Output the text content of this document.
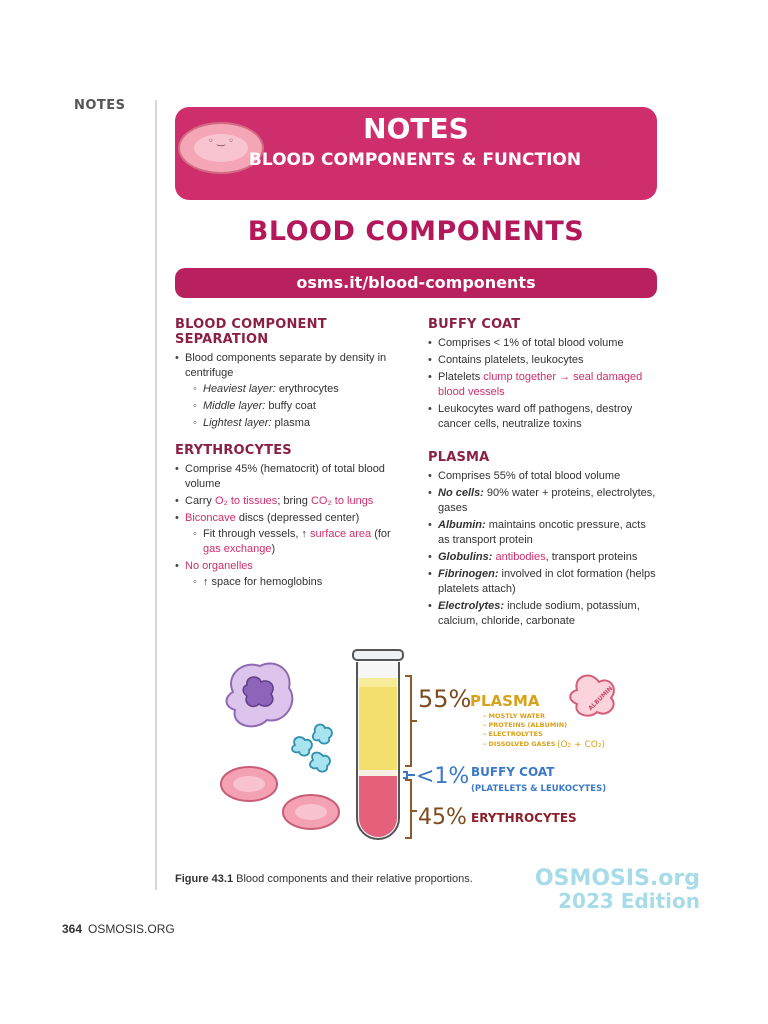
NOTES
◦ ‿ ◦	NOTES
BLOOD COMPONENTS & FUNCTION
BLOOD COMPONENTS
osms.it/blood-components
BLOOD COMPONENT SEPARATION
• Blood components separate by density in centrifuge
◦ Heaviest layer: erythrocytes
◦ Middle layer: buffy coat
◦ Lightest layer: plasma
ERYTHROCYTES
• Comprise 45% (hematocrit) of total blood volume
• Carry O₂ to tissues; bring CO₂ to lungs
• Biconcave discs (depressed center)
◦ Fit through vessels, ↑ surface area (for gas exchange)
• No organelles
◦ ↑ space for hemoglobins
BUFFY COAT
• Comprises < 1% of total blood volume
• Contains platelets, leukocytes
• Platelets clump together → seal damaged blood vessels
• Leukocytes ward off pathogens, destroy cancer cells, neutralize toxins
PLASMA
• Comprises 55% of total blood volume
• No cells: 90% water + proteins, electrolytes, gases
• Albumin: maintains oncotic pressure, acts as transport protein
• Globulins: antibodies, transport proteins
• Fibrinogen: involved in clot formation (helps platelets attach)
• Electrolytes: include sodium, potassium, calcium, chloride, carbonate
55%
PLASMA
– MOSTLY WATER
– PROTEINS (ALBUMIN)
– ELECTROLYTES
– DISSOLVED GASES (O₂ + CO₂)
ALBUMIN
<1% BUFFY COAT
(PLATELETS & LEUKOCYTES)
45% ERYTHROCYTES
Figure 43.1 Blood components and their relative proportions.	OSMOSIS.org
2023 Edition
364 OSMOSIS.ORG
